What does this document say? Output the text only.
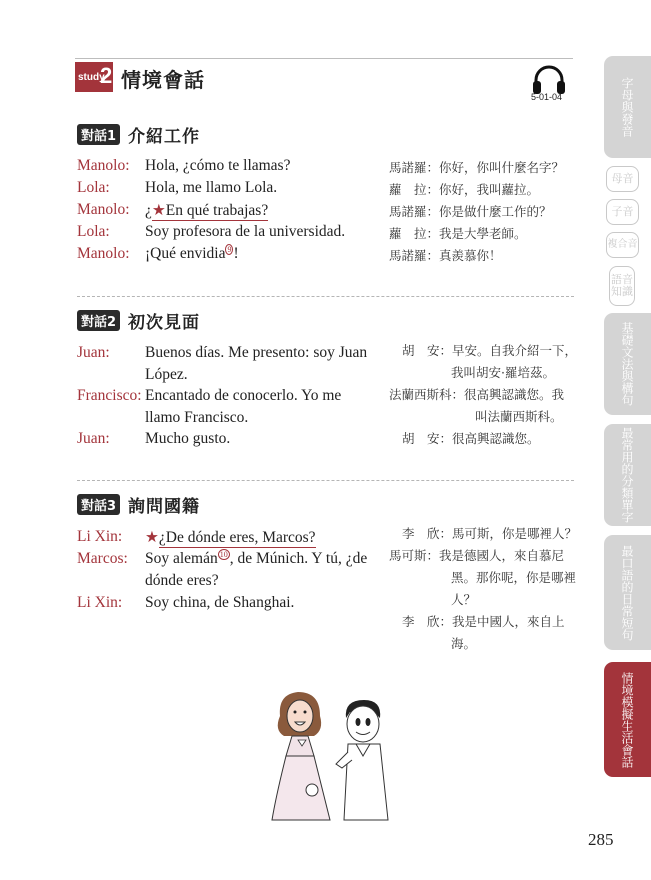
study
2 情境會話
5-01-04
對話1 介紹工作
Manolo: Hola, ¿cómo te llamas?
Lola: Hola, me llamo Lola.
Manolo: ¿★En qué trabajas?
Lola: Soy profesora de la universidad.
Manolo: ¡Qué envidia $^9$ !
馬諾羅：你好，你叫什麼名字？
蘿　拉：你好，我叫蘿拉。
馬諾羅：你是做什麼工作的？
蘿　拉：我是大學老師。
馬諾羅：真羨慕你！
對話2 初次見面
Juan: Buenos días. Me presento: soy Juan
López.
Francisco: Encantado de conocerlo. Yo me
llamo Francisco.
Juan: Mucho gusto.
胡　安：早安。自我介紹一下，
我叫胡安·羅培茲。
法蘭西斯科：很高興認識您。我
叫法蘭西斯科。
胡　安：很高興認識您。
對話3 詢問國籍
Li Xin: ★¿De dónde eres, Marcos?
Marcos: Soy alemán $^{10}$ , de Múnich. Y tú, ¿de
dónde eres?
Li Xin: Soy china, de Shanghai.
李　欣：馬可斯，你是哪裡人？
馬可斯：我是德國人，來自慕尼
黑。那你呢，你是哪裡
人？
李　欣：我是中國人，來自上
海。
字母與發音
母音
子音
複合音
語音知識
基礎文法與構句
最常用的分類單字
最口語的日常短句
情境模擬生活會話
285
